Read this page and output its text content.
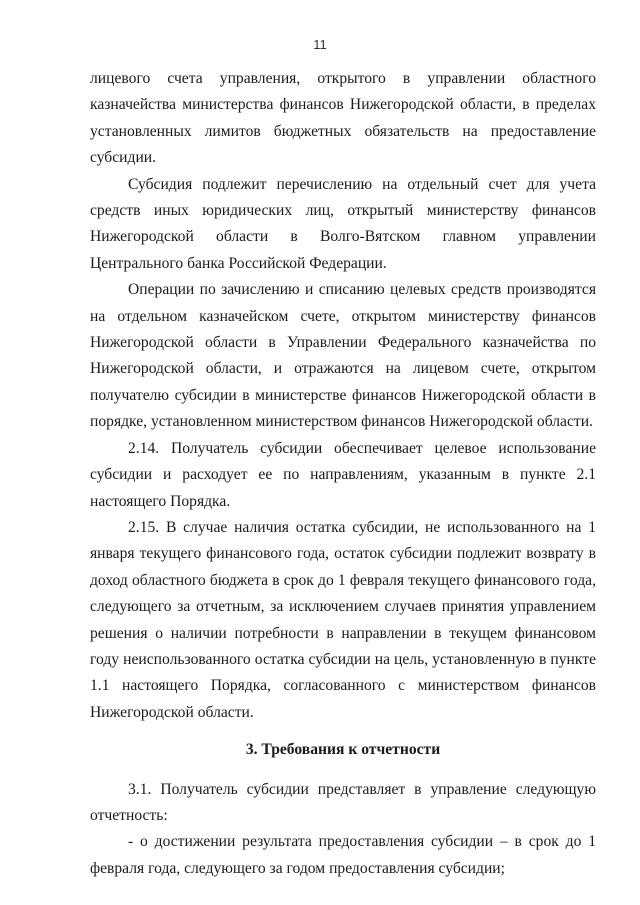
11

лицевого счета управления, открытого в управлении областного казначейства министерства финансов Нижегородской области, в пределах установленных лимитов бюджетных обязательств на предоставление субсидии.

Субсидия подлежит перечислению на отдельный счет для учета средств иных юридических лиц, открытый министерству финансов Нижегородской области в Волго-Вятском главном управлении Центрального банка Российской Федерации.

Операции по зачислению и списанию целевых средств производятся на отдельном казначейском счете, открытом министерству финансов Нижегородской области в Управлении Федерального казначейства по Нижегородской области, и отражаются на лицевом счете, открытом получателю субсидии в министерстве финансов Нижегородской области в порядке, установленном министерством финансов Нижегородской области.

2.14. Получатель субсидии обеспечивает целевое использование субсидии и расходует ее по направлениям, указанным в пункте 2.1 настоящего Порядка.

2.15. В случае наличия остатка субсидии, не использованного на 1 января текущего финансового года, остаток субсидии подлежит возврату в доход областного бюджета в срок до 1 февраля текущего финансового года, следующего за отчетным, за исключением случаев принятия управлением решения о наличии потребности в направлении в текущем финансовом году неиспользованного остатка субсидии на цель, установленную в пункте 1.1 настоящего Порядка, согласованного с министерством финансов Нижегородской области.

3. Требования к отчетности

3.1. Получатель субсидии представляет в управление следующую отчетность:

- о достижении результата предоставления субсидии – в срок до 1 февраля года, следующего за годом предоставления субсидии;
